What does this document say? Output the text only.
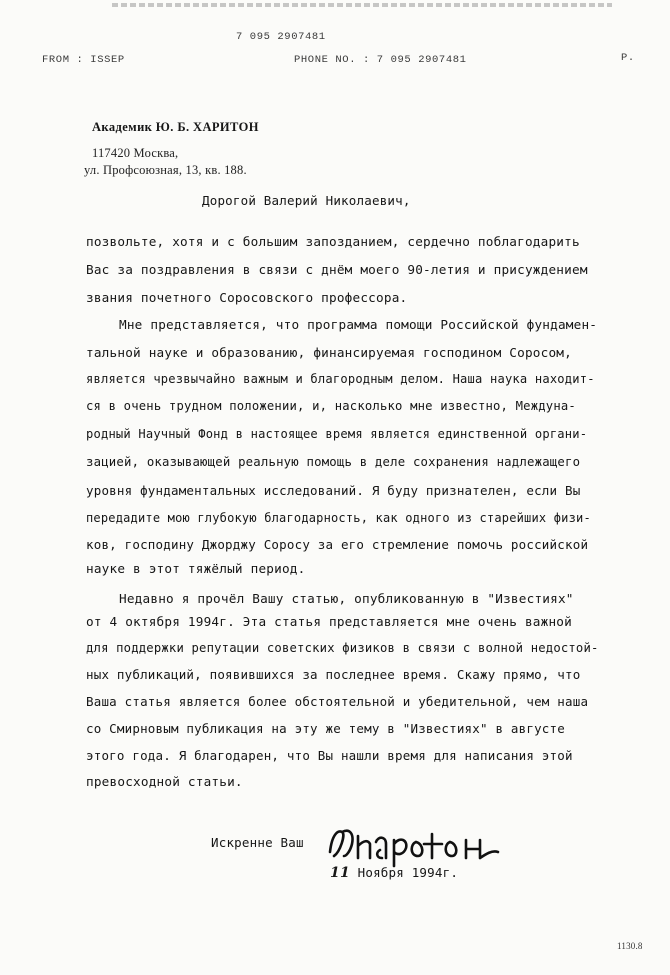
7 095 2907481
FROM : ISSEP	PHONE NO. : 7 095 2907481	P.
Академик Ю. Б. ХАРИТОН
117420 Москва,
ул. Профсоюзная, 13, кв. 188.
Дорогой Валерий Николаевич,
позвольте, хотя и с большим запозданием, сердечно поблагодарить
Вас за поздравления в связи с днём моего 90-летия и присуждением
звания почетного Соросовского профессора.
Мне представляется, что программа помощи Российской фундамен-
тальной науке и образованию, финансируемая господином Соросом,
является чрезвычайно важным и благородным делом. Наша наука находит-
ся в очень трудном положении, и, насколько мне известно, Междуна-
родный Научный Фонд в настоящее время является единственной органи-
зацией, оказывающей реальную помощь в деле сохранения надлежащего
уровня фундаментальных исследований. Я буду признателен, если Вы
передадите мою глубокую благодарность, как одного из старейших физи-
ков, господину Джорджу Соросу за его стремление помочь российской
науке в этот тяжёлый период.
Недавно я прочёл Вашу статью, опубликованную в "Известиях"
от 4 октября 1994г. Эта статья представляется мне очень важной
для поддержки репутации советских физиков в связи с волной недостой-
ных публикаций, появившихся за последнее время. Скажу прямо, что
Ваша статья является более обстоятельной и убедительной, чем наша
со Смирновым публикация на эту же тему в "Известиях" в августе
этого года. Я благодарен, что Вы нашли время для написания этой
превосходной статьи.
Искренне Ваш
11 Ноября 1994г.
1130.8
